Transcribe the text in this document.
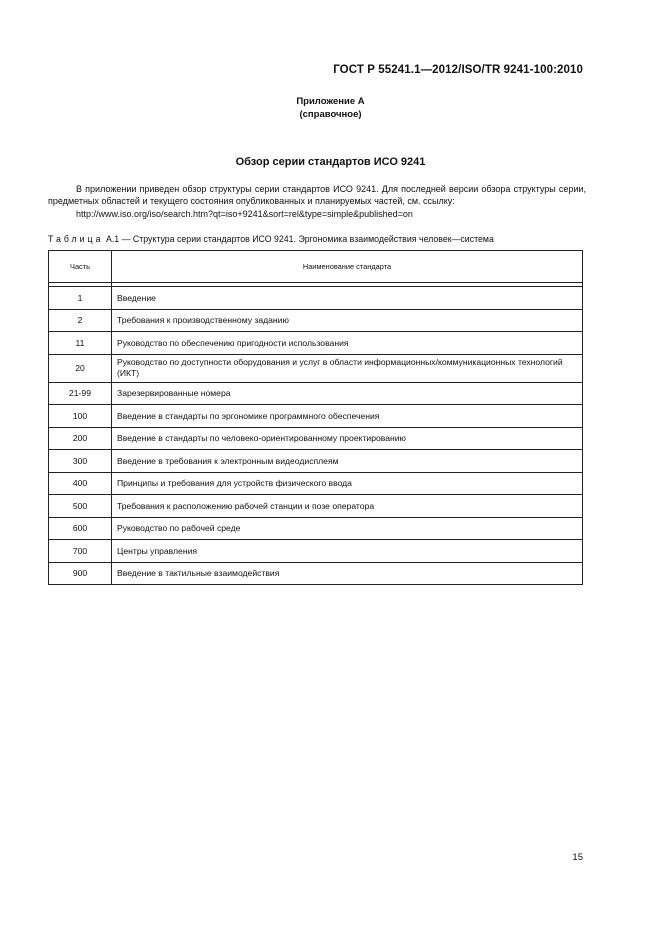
ГОСТ Р 55241.1—2012/ISO/TR 9241-100:2010
Приложение А
(справочное)
Обзор серии стандартов ИСО 9241
В приложении приведен обзор структуры серии стандартов ИСО 9241. Для последней версии обзора структуры серии, предметных областей и текущего состояния опубликованных и планируемых частей, см. ссылку:
http://www.iso.org/iso/search.htm?qt=iso+9241&sort=rel&type=simple&published=on
Таблица А.1 — Структура серии стандартов ИСО 9241. Эргономика взаимодействия человек—система
Часть	Наименование стандарта

1	Введение
2	Требования к производственному заданию
11	Руководство по обеспечению пригодности использования
20	Руководство по доступности оборудования и услуг в области информационных/коммуникационных технологий (ИКТ)
21-99	Зарезервированные номера
100	Введение в стандарты по эргономике программного обеспечения
200	Введение в стандарты по человеко-ориентированному проектированию
300	Введение в требования к электронным видеодисплеям
400	Принципы и требования для устройств физического ввода
500	Требования к расположению рабочей станции и позе оператора
600	Руководство по рабочей среде
700	Центры управления
900	Введение в тактильные взаимодействия
15
